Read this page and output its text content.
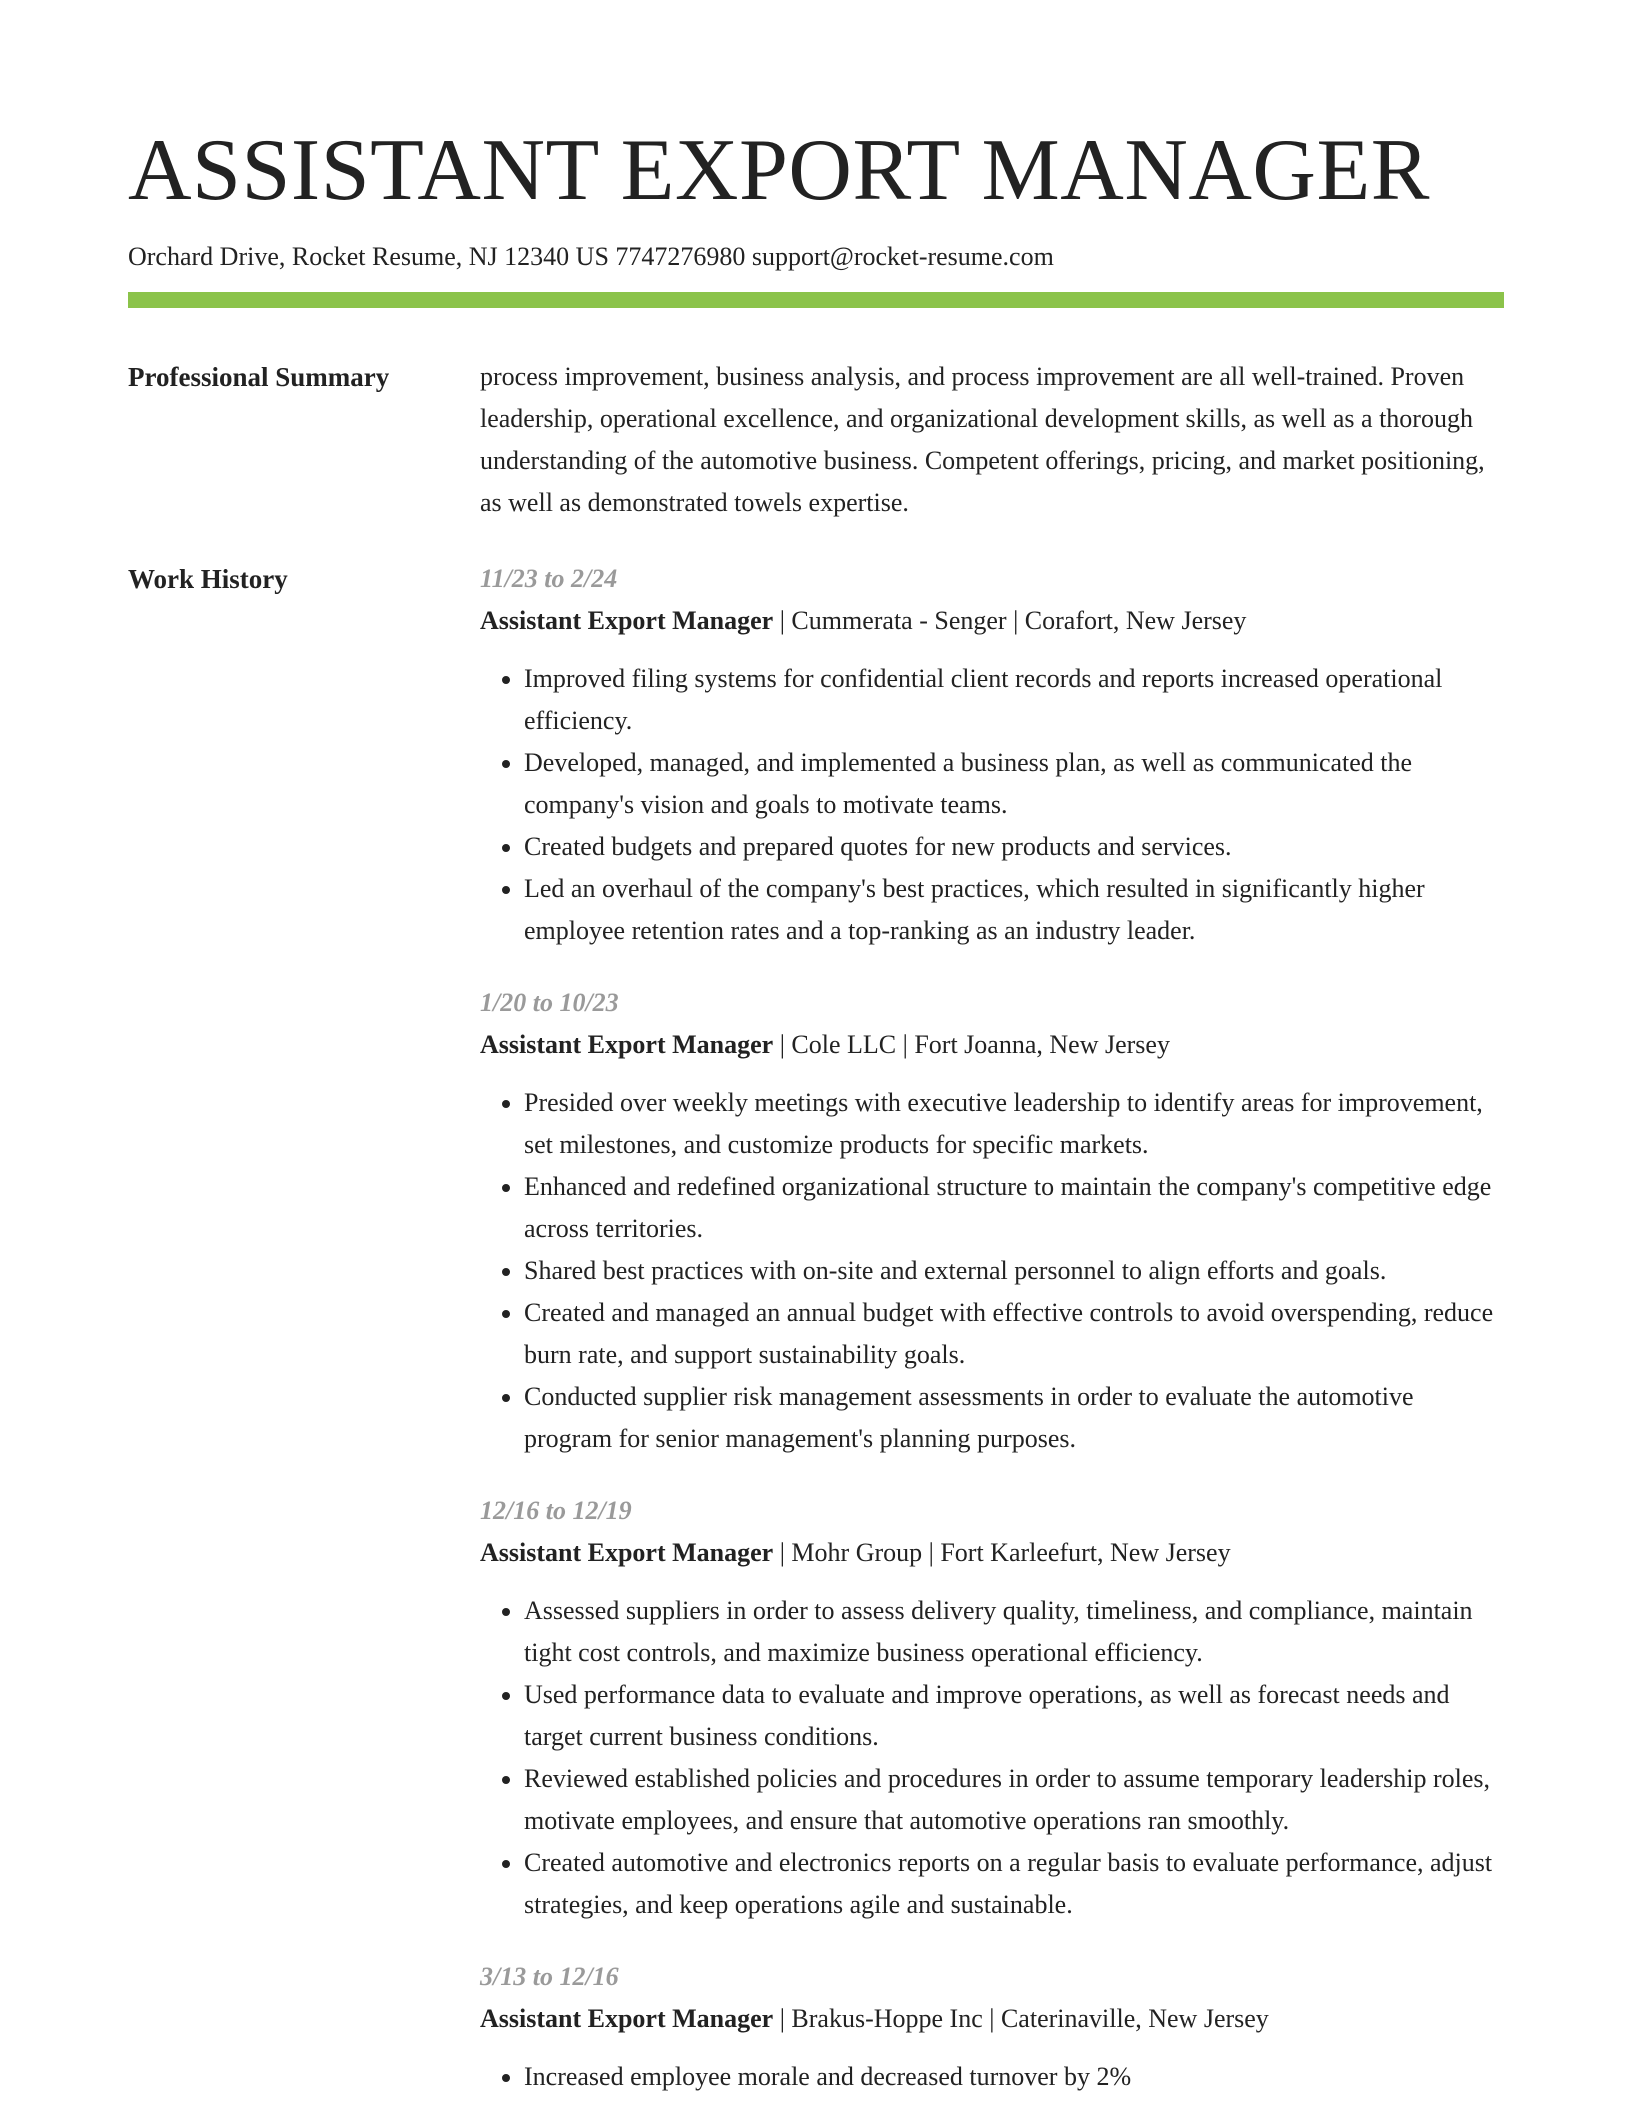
ASSISTANT EXPORT MANAGER
Orchard Drive, Rocket Resume, NJ 12340 US 7747276980 support@rocket-resume.com
Professional Summary	process improvement, business analysis, and process improvement are all well-trained. Proven leadership, operational excellence, and organizational development skills, as well as a thorough understanding of the automotive business. Competent offerings, pricing, and market positioning, as well as demonstrated towels expertise.

Work History	11/23 to 2/24
Assistant Export Manager | Cummerata - Senger | Corafort, New Jersey
• Improved filing systems for confidential client records and reports increased operational efficiency.
• Developed, managed, and implemented a business plan, as well as communicated the company's vision and goals to motivate teams.
• Created budgets and prepared quotes for new products and services.
• Led an overhaul of the company's best practices, which resulted in significantly higher employee retention rates and a top-ranking as an industry leader.
1/20 to 10/23
Assistant Export Manager | Cole LLC | Fort Joanna, New Jersey
• Presided over weekly meetings with executive leadership to identify areas for improvement, set milestones, and customize products for specific markets.
• Enhanced and redefined organizational structure to maintain the company's competitive edge across territories.
• Shared best practices with on-site and external personnel to align efforts and goals.
• Created and managed an annual budget with effective controls to avoid overspending, reduce burn rate, and support sustainability goals.
• Conducted supplier risk management assessments in order to evaluate the automotive program for senior management's planning purposes.
12/16 to 12/19
Assistant Export Manager | Mohr Group | Fort Karleefurt, New Jersey
• Assessed suppliers in order to assess delivery quality, timeliness, and compliance, maintain tight cost controls, and maximize business operational efficiency.
• Used performance data to evaluate and improve operations, as well as forecast needs and target current business conditions.
• Reviewed established policies and procedures in order to assume temporary leadership roles, motivate employees, and ensure that automotive operations ran smoothly.
• Created automotive and electronics reports on a regular basis to evaluate performance, adjust strategies, and keep operations agile and sustainable.
3/13 to 12/16
Assistant Export Manager | Brakus-Hoppe Inc | Caterinaville, New Jersey
• Increased employee morale and decreased turnover by 2%
